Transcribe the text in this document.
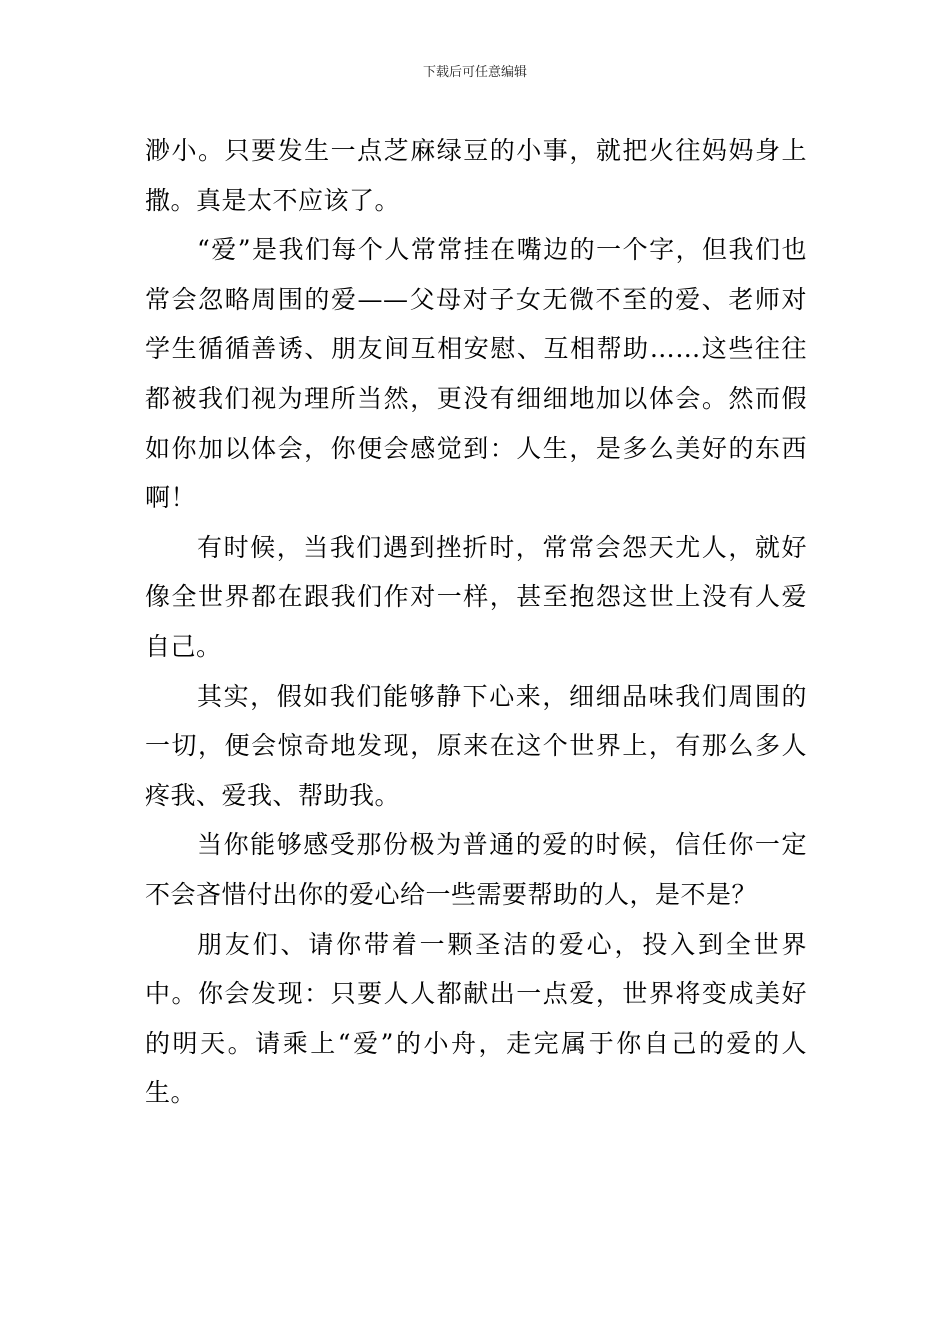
下载后可任意编辑

渺小。只要发生一点芝麻绿豆的小事，就把火往妈妈身上撒。真是太不应该了。

“爱”是我们每个人常常挂在嘴边的一个字，但我们也常会忽略周围的爱——父母对子女无微不至的爱、老师对学生循循善诱、朋友间互相安慰、互相帮助……这些往往都被我们视为理所当然，更没有细细地加以体会。然而假如你加以体会，你便会感觉到：人生，是多么美好的东西啊！

有时候，当我们遇到挫折时，常常会怨天尤人，就好像全世界都在跟我们作对一样，甚至抱怨这世上没有人爱自己。

其实，假如我们能够静下心来，细细品味我们周围的一切，便会惊奇地发现，原来在这个世界上，有那么多人疼我、爱我、帮助我。

当你能够感受那份极为普通的爱的时候，信任你一定不会吝惜付出你的爱心给一些需要帮助的人，是不是？

朋友们、请你带着一颗圣洁的爱心，投入到全世界中。你会发现：只要人人都献出一点爱，世界将变成美好的明天。请乘上“爱”的小舟，走完属于你自己的爱的人生。
